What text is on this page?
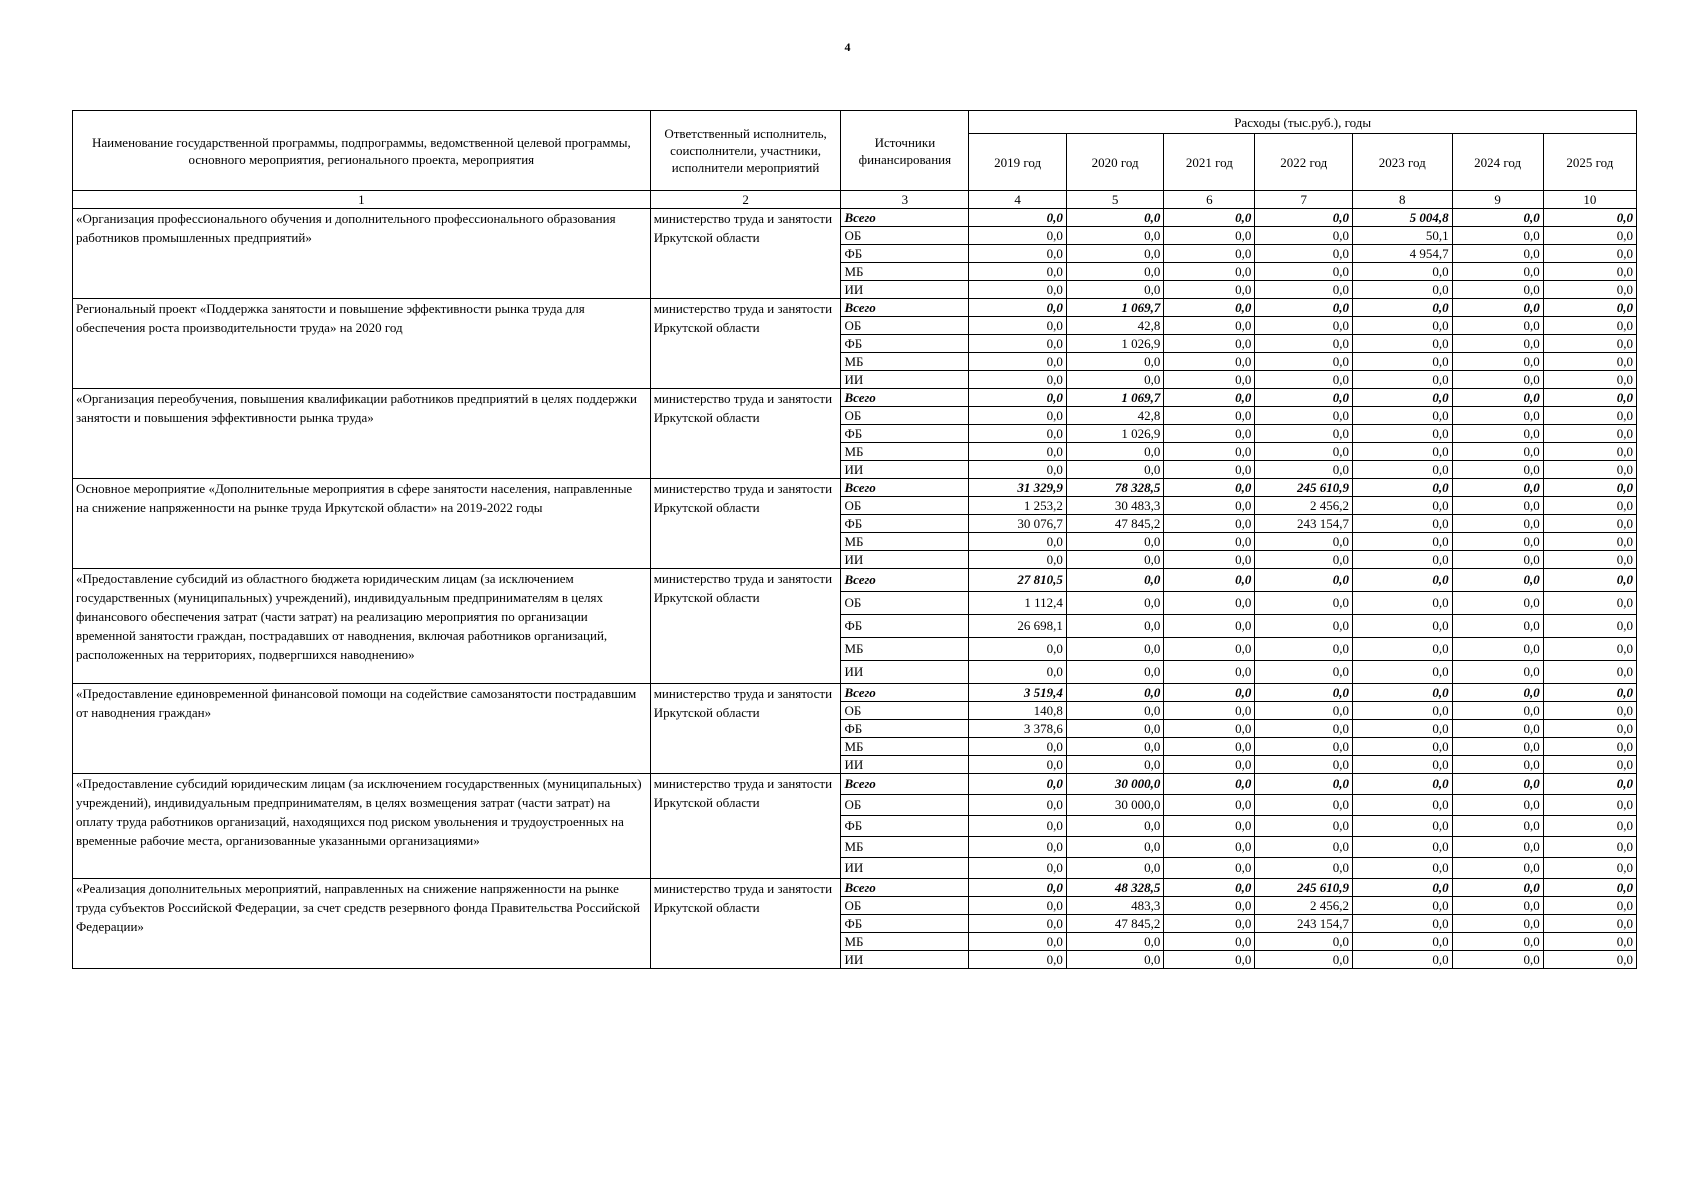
4
Наименование государственной программы, подпрограммы, ведомственной целевой программы, основного мероприятия, регионального проекта, мероприятия	Ответственный исполнитель, соисполнители, участники, исполнители мероприятий	Источники финансирования	Расходы (тыс.руб.), годы						
			2019 год	2020 год	2021 год	2022 год	2023 год	2024 год	2025 год
1	2	3	4	5	6	7	8	9	10
«Организация профессионального обучения и дополнительного профессионального образования работников промышленных предприятий»	министерство труда и занятости Иркутской области	Всего	0,0	0,0	0,0	0,0	5 004,8	0,0	0,0
		ОБ	0,0	0,0	0,0	0,0	50,1	0,0	0,0
		ФБ	0,0	0,0	0,0	0,0	4 954,7	0,0	0,0
		МБ	0,0	0,0	0,0	0,0	0,0	0,0	0,0
		ИИ	0,0	0,0	0,0	0,0	0,0	0,0	0,0
Региональный проект «Поддержка занятости и повышение эффективности рынка труда для обеспечения роста производительности труда» на 2020 год	министерство труда и занятости Иркутской области	Всего	0,0	1 069,7	0,0	0,0	0,0	0,0	0,0
		ОБ	0,0	42,8	0,0	0,0	0,0	0,0	0,0
		ФБ	0,0	1 026,9	0,0	0,0	0,0	0,0	0,0
		МБ	0,0	0,0	0,0	0,0	0,0	0,0	0,0
		ИИ	0,0	0,0	0,0	0,0	0,0	0,0	0,0
«Организация переобучения, повышения квалификации работников предприятий в целях поддержки занятости и повышения эффективности рынка труда»	министерство труда и занятости Иркутской области	Всего	0,0	1 069,7	0,0	0,0	0,0	0,0	0,0
		ОБ	0,0	42,8	0,0	0,0	0,0	0,0	0,0
		ФБ	0,0	1 026,9	0,0	0,0	0,0	0,0	0,0
		МБ	0,0	0,0	0,0	0,0	0,0	0,0	0,0
		ИИ	0,0	0,0	0,0	0,0	0,0	0,0	0,0
Основное мероприятие «Дополнительные мероприятия в сфере занятости населения, направленные на снижение напряженности на рынке труда Иркутской области» на 2019-2022 годы	министерство труда и занятости Иркутской области	Всего	31 329,9	78 328,5	0,0	245 610,9	0,0	0,0	0,0
		ОБ	1 253,2	30 483,3	0,0	2 456,2	0,0	0,0	0,0
		ФБ	30 076,7	47 845,2	0,0	243 154,7	0,0	0,0	0,0
		МБ	0,0	0,0	0,0	0,0	0,0	0,0	0,0
		ИИ	0,0	0,0	0,0	0,0	0,0	0,0	0,0
«Предоставление субсидий из областного бюджета юридическим лицам (за исключением государственных (муниципальных) учреждений), индивидуальным предпринимателям в целях финансового обеспечения затрат (части затрат) на реализацию мероприятия по организации временной занятости граждан, пострадавших от наводнения, включая работников организаций, расположенных на территориях, подвергшихся наводнению»	министерство труда и занятости Иркутской области	Всего	27 810,5	0,0	0,0	0,0	0,0	0,0	0,0
		ОБ	1 112,4	0,0	0,0	0,0	0,0	0,0	0,0
		ФБ	26 698,1	0,0	0,0	0,0	0,0	0,0	0,0
		МБ	0,0	0,0	0,0	0,0	0,0	0,0	0,0
		ИИ	0,0	0,0	0,0	0,0	0,0	0,0	0,0
«Предоставление единовременной финансовой помощи на содействие самозанятости пострадавшим от наводнения граждан»	министерство труда и занятости Иркутской области	Всего	3 519,4	0,0	0,0	0,0	0,0	0,0	0,0
		ОБ	140,8	0,0	0,0	0,0	0,0	0,0	0,0
		ФБ	3 378,6	0,0	0,0	0,0	0,0	0,0	0,0
		МБ	0,0	0,0	0,0	0,0	0,0	0,0	0,0
		ИИ	0,0	0,0	0,0	0,0	0,0	0,0	0,0
«Предоставление субсидий юридическим лицам (за исключением государственных (муниципальных) учреждений), индивидуальным предпринимателям, в целях возмещения затрат (части затрат) на оплату труда работников организаций, находящихся под риском увольнения и трудоустроенных на временные рабочие места, организованные указанными организациями»	министерство труда и занятости Иркутской области	Всего	0,0	30 000,0	0,0	0,0	0,0	0,0	0,0
		ОБ	0,0	30 000,0	0,0	0,0	0,0	0,0	0,0
		ФБ	0,0	0,0	0,0	0,0	0,0	0,0	0,0
		МБ	0,0	0,0	0,0	0,0	0,0	0,0	0,0
		ИИ	0,0	0,0	0,0	0,0	0,0	0,0	0,0
«Реализация дополнительных мероприятий, направленных на снижение напряженности на рынке труда субъектов Российской Федерации, за счет средств резервного фонда Правительства Российской Федерации»	министерство труда и занятости Иркутской области	Всего	0,0	48 328,5	0,0	245 610,9	0,0	0,0	0,0
		ОБ	0,0	483,3	0,0	2 456,2	0,0	0,0	0,0
		ФБ	0,0	47 845,2	0,0	243 154,7	0,0	0,0	0,0
		МБ	0,0	0,0	0,0	0,0	0,0	0,0	0,0
		ИИ	0,0	0,0	0,0	0,0	0,0	0,0	0,0
